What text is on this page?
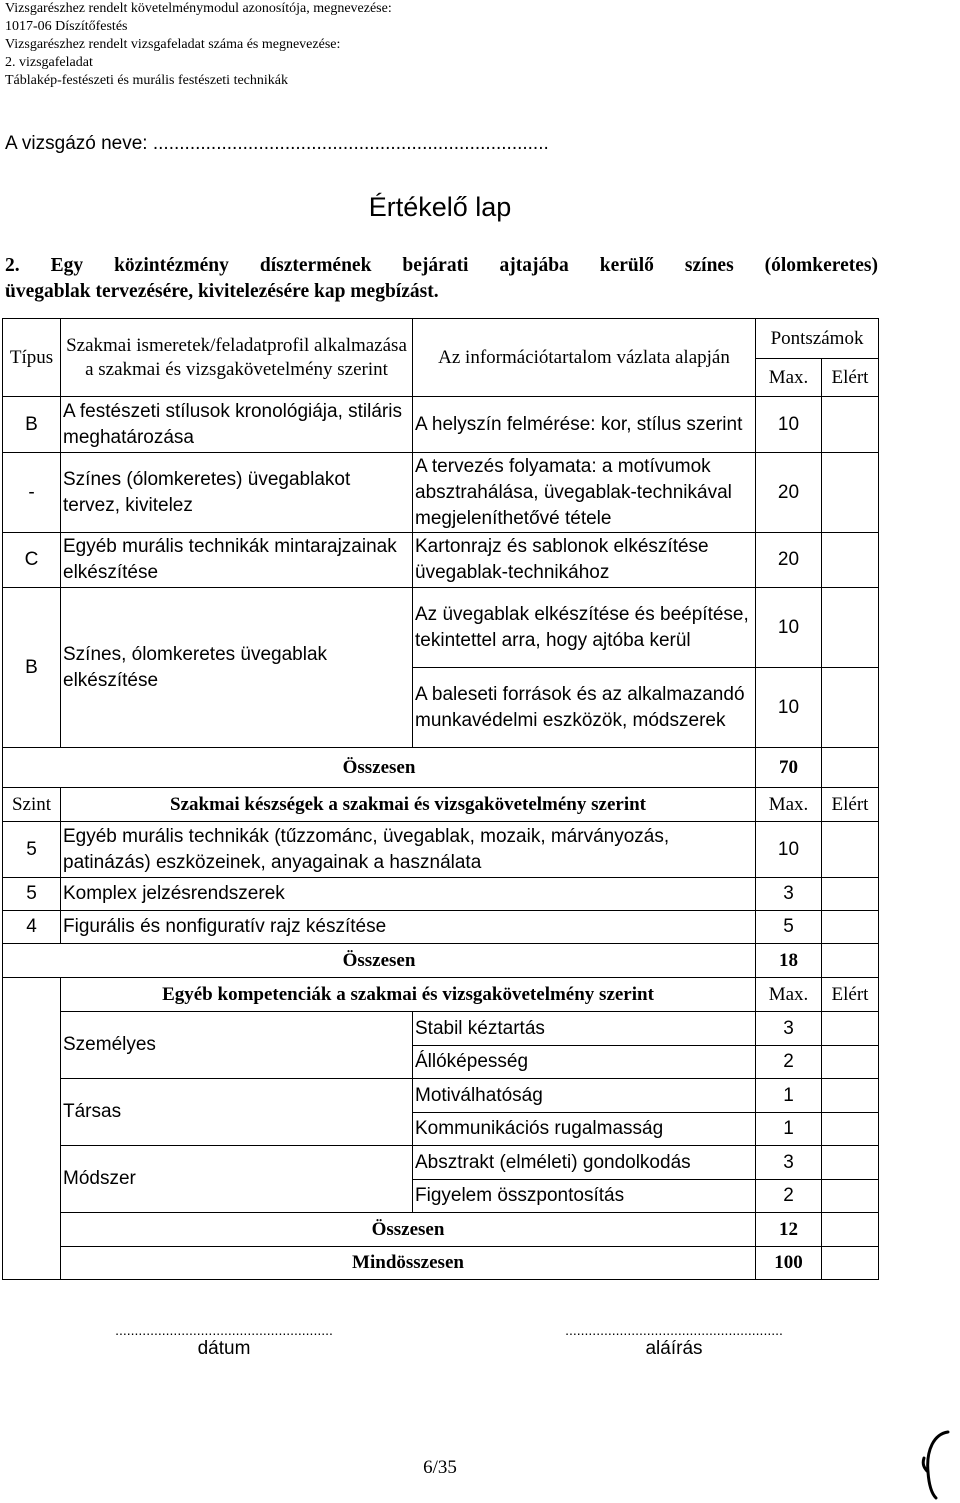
Vizsgarészhez rendelt követelménymodul azonosítója, megnevezése:
1017-06 Díszítőfestés
Vizsgarészhez rendelt vizsgafeladat száma és megnevezése:
2. vizsgafeladat
Táblakép-festészeti és murális festészeti technikák
A vizsgázó neve: ...........................................................................
Értékelő lap
2. Egy közintézmény dísztermének bejárati ajtajába kerülő színes (ólomkeretes)
üvegablak tervezésére, kivitelezésére kap megbízást.
Típus	Szakmai ismeretek/feladatprofil alkalmazása a szakmai és vizsgakövetelmény szerint	Az információtartalom vázlata alapján	Pontszámok	
			Max.	Elért
B	A festészeti stílusok kronológiája, stiláris meghatározása	A helyszín felmérése: kor, stílus szerint	10	
-	Színes (ólomkeretes) üvegablakot tervez, kivitelez	A tervezés folyamata: a motívumok absztrahálása, üvegablak-technikával megjeleníthetővé tétele	20	
C	Egyéb murális technikák mintarajzainak elkészítése	Kartonrajz és sablonok elkészítése üvegablak-technikához	20	
B	Színes, ólomkeretes üvegablak elkészítése	Az üvegablak elkészítése és beépítése, tekintettel arra, hogy ajtóba kerül	10	
		A baleseti források és az alkalmazandó munkavédelmi eszközök, módszerek	10	
Összesen			70	
Szint	Szakmai készségek a szakmai és vizsgakövetelmény szerint		Max.	Elért
5	Egyéb murális technikák (tűzzománc, üvegablak, mozaik, márványozás, patinázás) eszközeinek, anyagainak a használata		10	
5	Komplex jelzésrendszerek		3	
4	Figurális és nonfiguratív rajz készítése		5	
Összesen			18	
	Egyéb kompetenciák a szakmai és vizsgakövetelmény szerint		Max.	Elért
	Személyes	Stabil kéztartás	3	
		Állóképesség	2	
	Társas	Motiválhatóság	1	
		Kommunikációs rugalmasság	1	
	Módszer	Absztrakt (elméleti) gondolkodás	3	
		Figyelem összpontosítás	2	
	Összesen		12	
	Mindösszesen		100	
........................................................
dátum
........................................................
aláírás
6/35
